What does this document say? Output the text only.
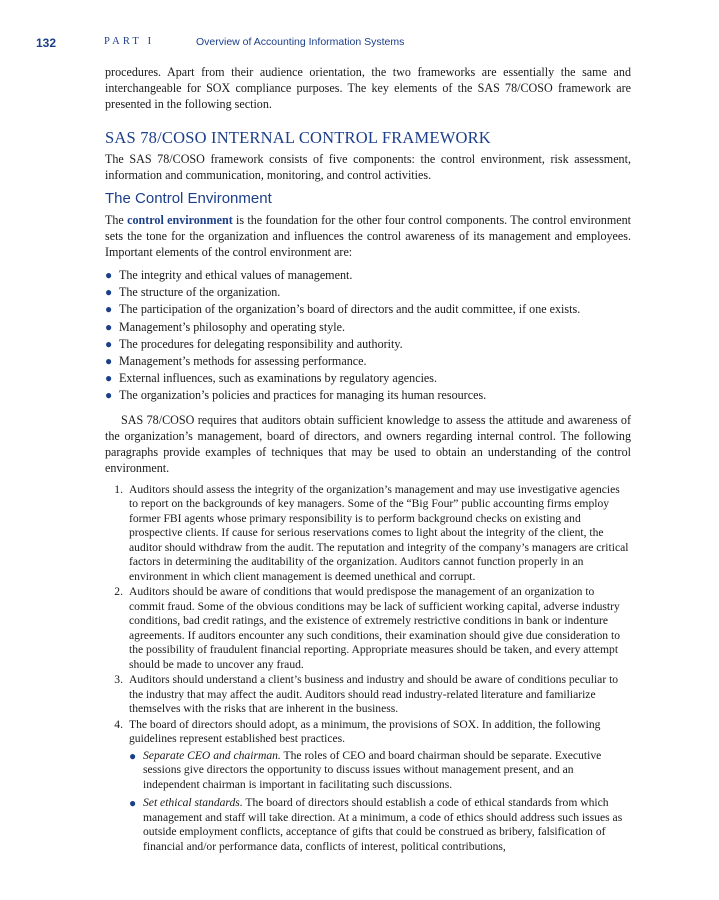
132	PART I	Overview of Accounting Information Systems

procedures. Apart from their audience orientation, the two frameworks are essentially the same and interchangeable for SOX compliance purposes. The key elements of the SAS 78/COSO framework are presented in the following section.

SAS 78/COSO INTERNAL CONTROL FRAMEWORK

The SAS 78/COSO framework consists of five components: the control environment, risk assessment, information and communication, monitoring, and control activities.

The Control Environment

The control environment is the foundation for the other four control components. The control environment sets the tone for the organization and influences the control awareness of its management and employees. Important elements of the control environment are:

● The integrity and ethical values of management.
● The structure of the organization.
● The participation of the organization’s board of directors and the audit committee, if one exists.
● Management’s philosophy and operating style.
● The procedures for delegating responsibility and authority.
● Management’s methods for assessing performance.
● External influences, such as examinations by regulatory agencies.
● The organization’s policies and practices for managing its human resources.

SAS 78/COSO requires that auditors obtain sufficient knowledge to assess the attitude and awareness of the organization’s management, board of directors, and owners regarding internal control. The following paragraphs provide examples of techniques that may be used to obtain an understanding of the control environment.

1. Auditors should assess the integrity of the organization’s management and may use investigative agencies to report on the backgrounds of key managers. Some of the “Big Four” public accounting firms employ former FBI agents whose primary responsibility is to perform background checks on existing and prospective clients. If cause for serious reservations comes to light about the integrity of the client, the auditor should withdraw from the audit. The reputation and integrity of the company’s managers are critical factors in determining the auditability of the organization. Auditors cannot function properly in an environment in which client management is deemed unethical and corrupt.
2. Auditors should be aware of conditions that would predispose the management of an organization to commit fraud. Some of the obvious conditions may be lack of sufficient working capital, adverse industry conditions, bad credit ratings, and the existence of extremely restrictive conditions in bank or indenture agreements. If auditors encounter any such conditions, their examination should give due consideration to the possibility of fraudulent financial reporting. Appropriate measures should be taken, and every attempt should be made to uncover any fraud.
3. Auditors should understand a client’s business and industry and should be aware of conditions peculiar to the industry that may affect the audit. Auditors should read industry-related literature and familiarize themselves with the risks that are inherent in the business.
4. The board of directors should adopt, as a minimum, the provisions of SOX. In addition, the following guidelines represent established best practices.
● Separate CEO and chairman. The roles of CEO and board chairman should be separate. Executive sessions give directors the opportunity to discuss issues without management present, and an independent chairman is important in facilitating such discussions.
● Set ethical standards. The board of directors should establish a code of ethical standards from which management and staff will take direction. At a minimum, a code of ethics should address such issues as outside employment conflicts, acceptance of gifts that could be construed as bribery, falsification of financial and/or performance data, conflicts of interest, political contributions,
